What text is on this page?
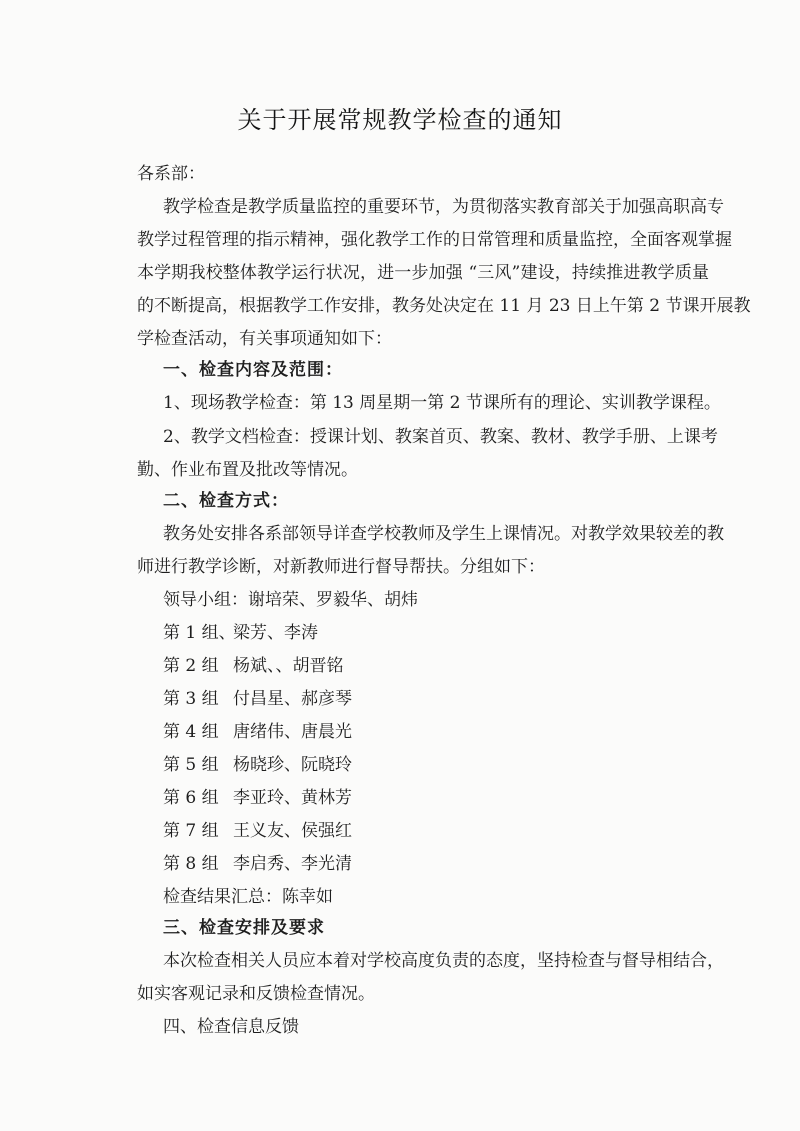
关于开展常规教学检查的通知
各系部：
教学检查是教学质量监控的重要环节，为贯彻落实教育部关于加强高职高专
教学过程管理的指示精神，强化教学工作的日常管理和质量监控，全面客观掌握
本学期我校整体教学运行状况，进一步加强 “三风”建设，持续推进教学质量
的不断提高，根据教学工作安排，教务处决定在 11 月 23 日上午第 2 节课开展教
学检查活动，有关事项通知如下：
一、检查内容及范围：
1、现场教学检查：第 13 周星期一第 2 节课所有的理论、实训教学课程。
2、教学文档检查：授课计划、教案首页、教案、教材、教学手册、上课考
勤、作业布置及批改等情况。
二、检查方式：
教务处安排各系部领导详查学校教师及学生上课情况。对教学效果较差的教
师进行教学诊断，对新教师进行督导帮扶。分组如下：
领导小组：谢培荣、罗毅华、胡炜
第 1 组、梁芳、李涛
第 2 组 杨斌、、胡晋铭
第 3 组 付昌星、郝彦琴
第 4 组 唐绪伟、唐晨光
第 5 组 杨晓珍、阮晓玲
第 6 组 李亚玲、黄林芳
第 7 组 王义友、侯强红
第 8 组 李启秀、李光清
检查结果汇总：陈幸如
三、检查安排及要求
本次检查相关人员应本着对学校高度负责的态度，坚持检查与督导相结合，
如实客观记录和反馈检查情况。
四、检查信息反馈
